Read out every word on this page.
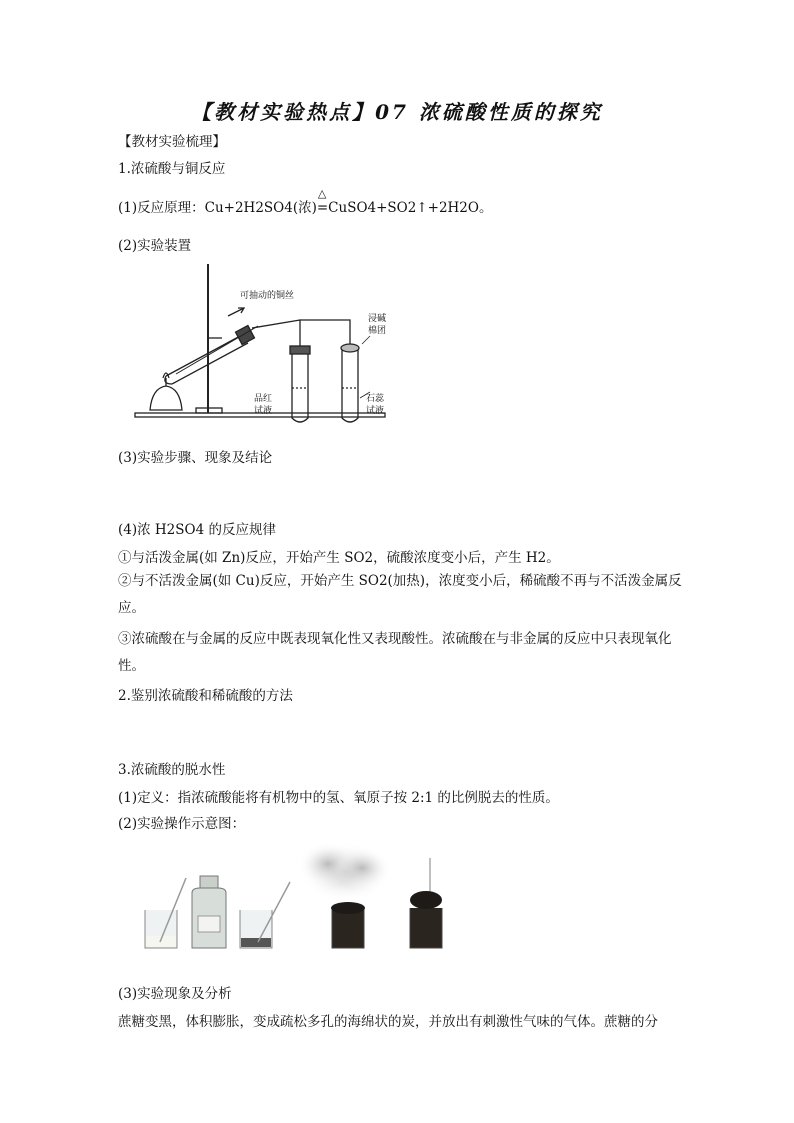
【教材实验热点】07 浓硫酸性质的探究
【教材实验梳理】
1.浓硫酸与铜反应
(1)反应原理：Cu+2H2SO4(浓)
△
=CuSO4+SO2↑+2H2O。
(2)实验装置
可抽动的铜丝
浸碱
棉团
品红
试液
石蕊
试液
(3)实验步骤、现象及结论
(4)浓 H2SO4 的反应规律
①与活泼金属(如 Zn)反应，开始产生 SO2，硫酸浓度变小后，产生 H2。
②与不活泼金属(如 Cu)反应，开始产生 SO2(加热)，浓度变小后，稀硫酸不再与不活泼金属反应。
③浓硫酸在与金属的反应中既表现氧化性又表现酸性。浓硫酸在与非金属的反应中只表现氧化性。
2.鉴别浓硫酸和稀硫酸的方法
3.浓硫酸的脱水性
(1)定义：指浓硫酸能将有机物中的氢、氧原子按 2:1 的比例脱去的性质。
(2)实验操作示意图：
(3)实验现象及分析
蔗糖变黑，体积膨胀，变成疏松多孔的海绵状的炭，并放出有刺激性气味的气体。蔗糖的分
